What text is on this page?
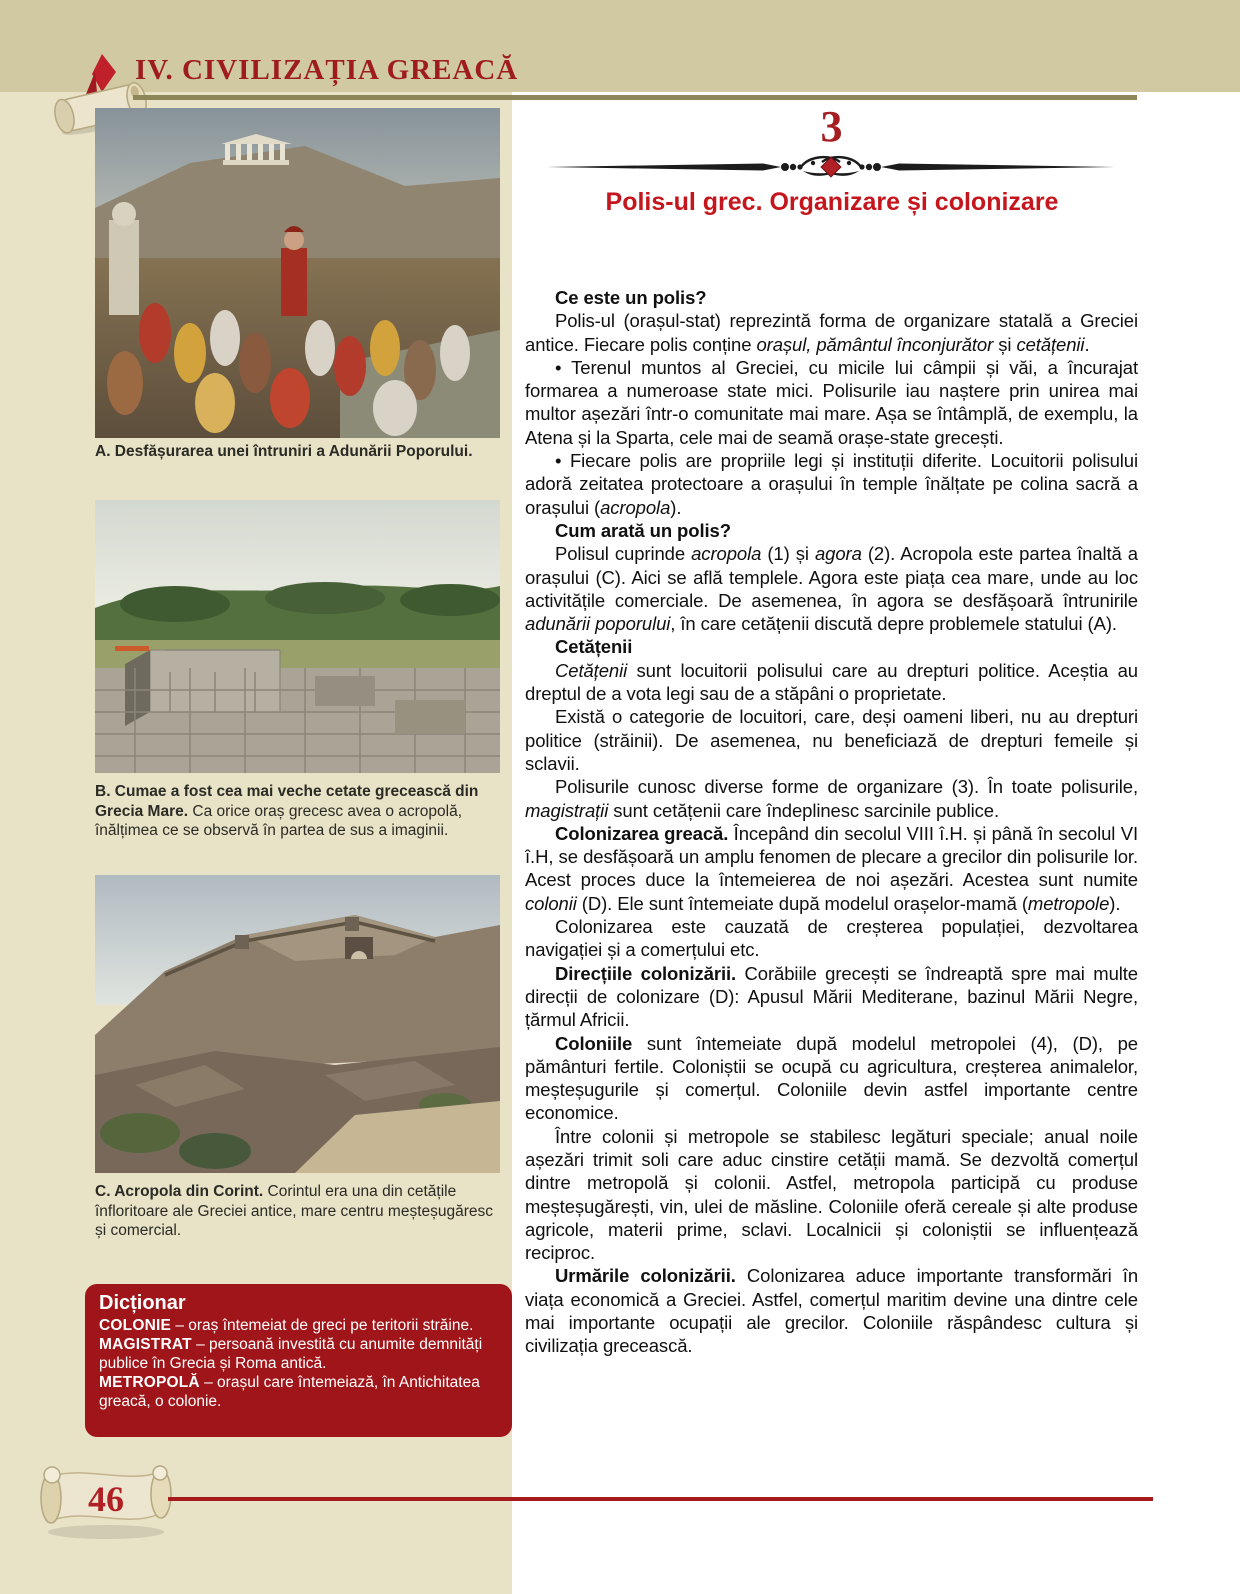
IV. CIVILIZAȚIA GREACĂ
A. Desfășurarea unei întruniri a Adunării Poporului.
B. Cumae a fost cea mai veche cetate grecească din Grecia Mare. Ca orice oraș grecesc avea o acropolă, înălțimea ce se observă în partea de sus a imaginii.
C. Acropola din Corint. Corintul era una din cetățile înfloritoare ale Greciei antice, mare centru meșteșugăresc și comercial.

Dicționar

COLONIE – oraș întemeiat de greci pe teritorii străine.

MAGISTRAT – persoană investită cu anumite demnități publice în Grecia și Roma antică.

METROPOLĂ – orașul care întemeiază, în Antichitatea greacă, o colonie.

46
3
Polis-ul grec. Organizare și colonizare

Ce este un polis?

Polis-ul (orașul-stat) reprezintă forma de organizare statală a Greciei antice. Fiecare polis conține orașul, pământul înconjurător și cetățenii.

• Terenul muntos al Greciei, cu micile lui câmpii și văi, a încurajat formarea a numeroase state mici. Polisurile iau naștere prin unirea mai multor așezări într-o comunitate mai mare. Așa se întâmplă, de exemplu, la Atena și la Sparta, cele mai de seamă orașe-state grecești.

• Fiecare polis are propriile legi și instituții diferite. Locuitorii polisului adoră zeitatea protectoare a orașului în temple înălțate pe colina sacră a orașului (acropola).

Cum arată un polis?

Polisul cuprinde acropola (1) și agora (2). Acropola este partea înaltă a orașului (C). Aici se află templele. Agora este piața cea mare, unde au loc activitățile comerciale. De asemenea, în agora se desfășoară întrunirile adunării poporului, în care cetățenii discută depre problemele statului (A).

Cetățenii

Cetățenii sunt locuitorii polisului care au drepturi politice. Aceștia au dreptul de a vota legi sau de a stăpâni o proprietate.

Există o categorie de locuitori, care, deși oameni liberi, nu au drepturi politice (străinii). De asemenea, nu beneficiază de drepturi femeile și sclavii.

Polisurile cunosc diverse forme de organizare (3). În toate polisurile, magistrații sunt cetățenii care îndeplinesc sarcinile publice.

Colonizarea greacă. Începând din secolul VIII î.H. și până în secolul VI î.H, se desfășoară un amplu fenomen de plecare a grecilor din polisurile lor. Acest proces duce la întemeierea de noi așezări. Acestea sunt numite colonii (D). Ele sunt întemeiate după modelul orașelor-mamă (metropole).

Colonizarea este cauzată de creșterea populației, dezvoltarea navigației și a comerțului etc.

Direcțiile colonizării. Corăbiile grecești se îndreaptă spre mai multe direcții de colonizare (D): Apusul Mării Mediterane, bazinul Mării Negre, țărmul Africii.

Coloniile sunt întemeiate după modelul metropolei (4), (D), pe pământuri fertile. Coloniștii se ocupă cu agricultura, creșterea animalelor, meșteșugurile și comerțul. Coloniile devin astfel importante centre economice.

Între colonii și metropole se stabilesc legături speciale; anual noile așezări trimit soli care aduc cinstire cetății mamă. Se dezvoltă comerțul dintre metropolă și colonii. Astfel, metropola participă cu produse meșteșugărești, vin, ulei de măsline. Coloniile oferă cereale și alte produse agricole, materii prime, sclavi. Localnicii și coloniștii se influențează reciproc.

Urmările colonizării. Colonizarea aduce importante transformări în viața economică a Greciei. Astfel, comerțul maritim devine una dintre cele mai importante ocupații ale grecilor. Coloniile răspândesc cultura și civilizația grecească.
